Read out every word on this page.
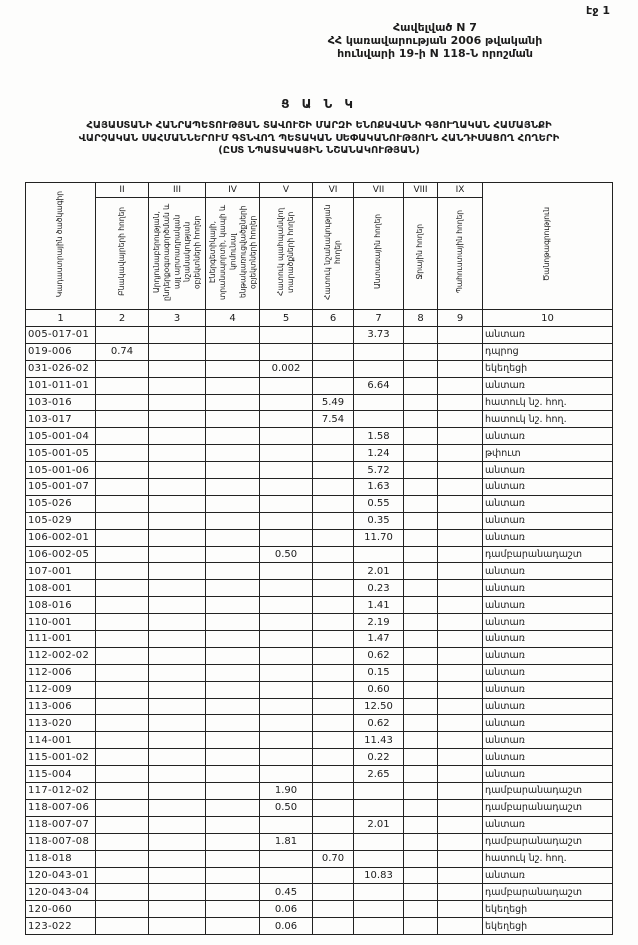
էջ 1
Հավելված N 7
ՀՀ կառավարության 2006 թվականի
հունվարի 19-ի N 118-Ն որոշման
Ց Ա Ն Կ
ՀԱՅԱՍՏԱՆԻ ՀԱՆՐԱՊԵՏՈՒԹՅԱՆ ՏԱՎՈՒՇԻ ՄԱՐԶԻ ԵՆՈՔԱՎԱՆԻ ԳՅՈՒՂԱԿԱՆ ՀԱՄԱՅՆՔԻ
ՎԱՐՉԱԿԱՆ ՍԱՀՄԱՆՆԵՐՈՒՄ ԳՏՆՎՈՂ ՊԵՏԱԿԱՆ ՍԵՓԱԿԱՆՈՒԹՅՈՒՆ ՀԱՆԴԻՍԱՑՈՂ ՀՈՂԵՐԻ
(ԸՍՏ ՆՊԱՏԱԿԱՅԻՆ ՆՇԱՆԱԿՈՒԹՅԱՆ)
Կադաստրային ծածկագիր	II	III	IV	V	VI	VII	VIII	IX	Ծանոթագրություն
	Բնակավայրերի հողեր	Արդյունաբերության, ընդերքօգտագործման և այլ արտադրական նշանակության օբյեկտների հողեր	Էներգետիկայի, տրանսպորտի, կապի և կոմունալ ենթակառուցվածքների օբյեկտների հողեր	Հատուկ պահպանվող տարածքների հողեր	Հատուկ նշանակության հողեր	Անտառային հողեր	Ջրային հողեր	Պահուստային հողեր	
1	2	3	4	5	6	7	8	9	10
005-017-01						3.73			անտառ
019-006	0.74								դպրոց
031-026-02				0.002					եկեղեցի
101-011-01						6.64			անտառ
103-016					5.49				հատուկ նշ. հող.
103-017					7.54				հատուկ նշ. հող.
105-001-04						1.58			անտառ
105-001-05						1.24			թփուտ
105-001-06						5.72			անտառ
105-001-07						1.63			անտառ
105-026						0.55			անտառ
105-029						0.35			անտառ
106-002-01						11.70			անտառ
106-002-05				0.50					դամբարանադաշտ
107-001						2.01			անտառ
108-001						0.23			անտառ
108-016						1.41			անտառ
110-001						2.19			անտառ
111-001						1.47			անտառ
112-002-02						0.62			անտառ
112-006						0.15			անտառ
112-009						0.60			անտառ
113-006						12.50			անտառ
113-020						0.62			անտառ
114-001						11.43			անտառ
115-001-02						0.22			անտառ
115-004						2.65			անտառ
117-012-02				1.90					դամբարանադաշտ
118-007-06				0.50					դամբարանադաշտ
118-007-07						2.01			անտառ
118-007-08				1.81					դամբարանադաշտ
118-018					0.70				հատուկ նշ. հող.
120-043-01						10.83			անտառ
120-043-04				0.45					դամբարանադաշտ
120-060				0.06					եկեղեցի
123-022				0.06					եկեղեցի
